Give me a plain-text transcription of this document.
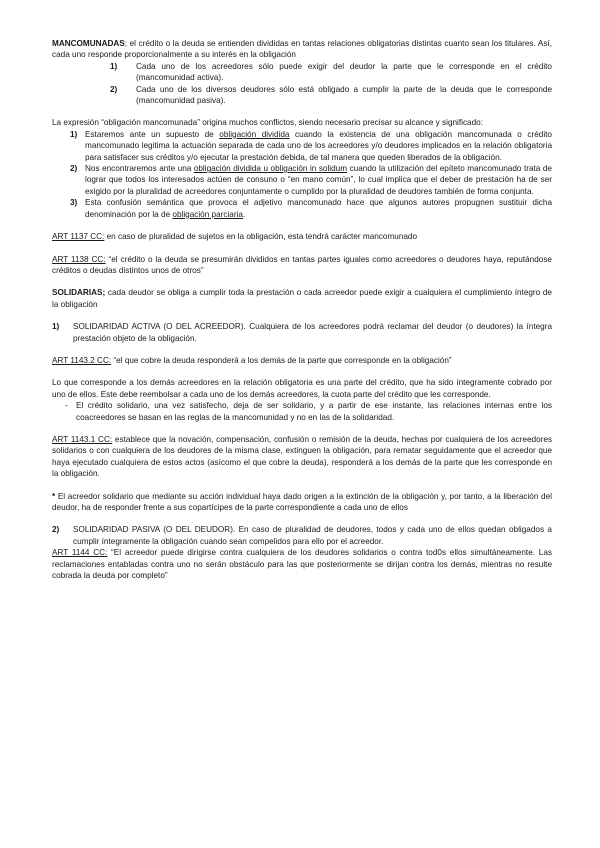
MANCOMUNADAS; el crédito o la deuda se entienden divididas en tantas relaciones obligatorias distintas cuanto sean los titulares. Así, cada uno responde proporcionalmente a su interés en la obligación

1) Cada uno de los acreedores sólo puede exigir del deudor la parte que le corresponde en el crédito (mancomunidad activa).
2) Cada uno de los diversos deudores sólo está obligado a cumplir la parte de la deuda que le corresponde (mancomunidad pasiva).

La expresión “obligación mancomunada” origina muchos conflictos, siendo necesario precisar su alcance y significado:

1) Estaremos ante un supuesto de obligación dividida cuando la existencia de una obligación mancomunada o crédito mancomunado legitima la actuación separada de cada uno de los acreedores y/o deudores implicados en la relación obligatoria para satisfacer sus créditos y/o ejecutar la prestación debida, de tal manera que queden liberados de la obligación.
2) Nos encontraremos ante una obligación dividida u obligación in solidum cuando la utilización del epíteto mancomunado trata de lograr que todos los interesados actúen de consuno o “en mano común”, lo cual implica que el deber de prestación ha de ser exigido por la pluralidad de acreedores conjuntamente o cumplido por la pluralidad de deudores también de forma conjunta.
3) Esta confusión semántica que provoca el adjetivo mancomunado hace que algunos autores propugnen sustituir dicha denominación por la de obligación parciaria.

ART 1137 CC: en caso de pluralidad de sujetos en la obligación, esta tendrá carácter mancomunado

ART 1138 CC: “el crédito o la deuda se presumirán divididos en tantas partes iguales como acreedores o deudores haya, reputándose créditos o deudas distintos unos de otros”

SOLIDARIAS; cada deudor se obliga a cumplir toda la prestación o cada acreedor puede exigir a cualquiera el cumplimiento íntegro de la obligación

1) SOLIDARIDAD ACTIVA (O DEL ACREEDOR). Cualquiera de los acreedores podrá reclamar del deudor (o deudores) la íntegra prestación objeto de la obligación.

ART 1143.2 CC: “el que cobre la deuda responderá a los demás de la parte que corresponde en la obligación”

Lo que corresponde a los demás acreedores en la relación obligatoria es una parte del crédito, que ha sido íntegramente cobrado por uno de ellos. Este debe reembolsar a cada uno de los demás acreedores, la cuota parte del crédito que les corresponde.

- El crédito solidario, una vez satisfecho, deja de ser solidario, y a partir de ese instante, las relaciones internas entre los coacreedores se basan en las reglas de la mancomunidad y no en las de la solidaridad.

ART 1143.1 CC: establece que la novación, compensación, confusión o remisión de la deuda, hechas por cualquiera de los acreedores solidarios o con cualquiera de los deudores de la misma clase, extinguen la obligación, para rematar seguidamente que el acreedor que haya ejecutado cualquiera de estos actos (asícomo el que cobre la deuda), responderá a los demás de la parte que les corresponde en la obligación.

* El acreedor solidario que mediante su acción individual haya dado origen a la extinción de la obligación y, por tanto, a la liberación del deudor, ha de responder frente a sus copartícipes de la parte correspondiente a cada uno de ellos

2) SOLIDARIDAD PASIVA (O DEL DEUDOR). En caso de pluralidad de deudores, todos y cada uno de ellos quedan obligados a cumplir íntegramente la obligación cuando sean compelidos para ello por el acreedor.

ART 1144 CC: “El acreedor puede dirigirse contra cualquiera de los deudores solidarios o contra tod0s ellos simultáneamente. Las reclamaciones entabladas contra uno no serán obstáculo para las que posteriormente se dirijan contra los demás, mientras no resulte cobrada la deuda por completo”
